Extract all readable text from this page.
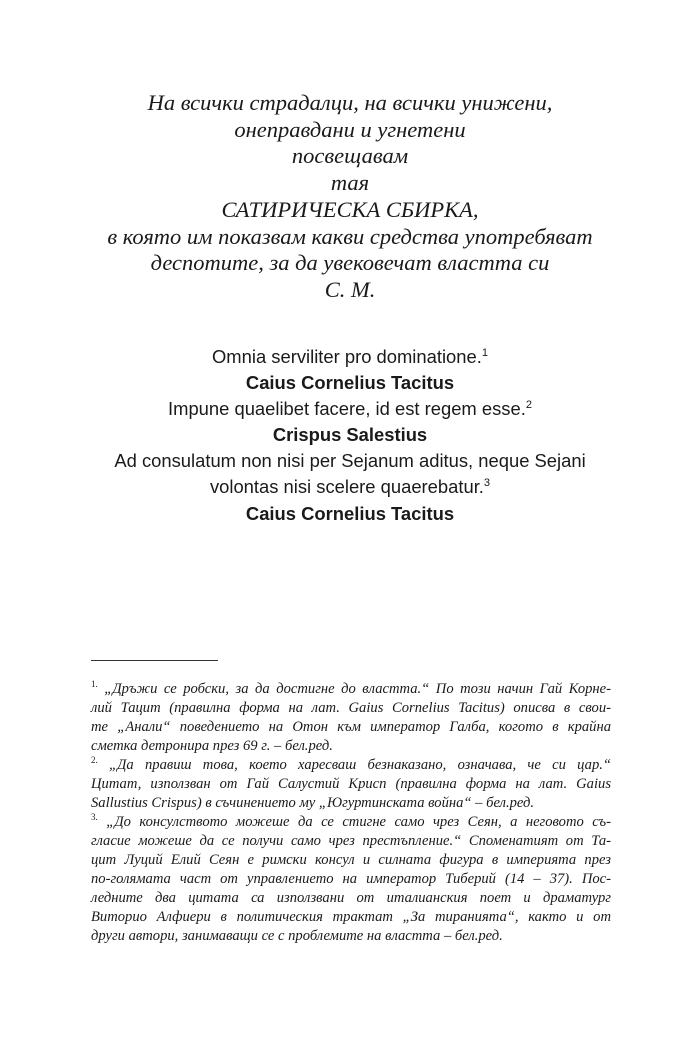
На всички страдалци, на всички унижени,
онеправдани и угнетени
посвещавам
тая
САТИРИЧЕСКА СБИРКА,
в която им показвам какви средства употребяват
деспотите, за да увековечат властта си
С. М.
Omnia serviliter pro dominatione.$^1$
Caius Cornelius Tacitus
Impune quaelibet facere, id est regem esse.$^2$
Crispus Salestius
Ad consulatum non nisi per Sejanum aditus, neque Sejani
volontas nisi scelere quaerebatur.$^3$
Caius Cornelius Tacitus
$^{1.}$ „Дръжи се робски, за да достигне до властта.“ По този начин Гай Корне-
лий Тацит (правилна форма на лат. Gaius Cornelius Tacitus) описва в свои-
те „Анали“ поведението на Отон към император Галба, когото в крайна
сметка детронира през 69 г. – бел.ред.
$^{2.}$ „Да правиш това, което харесваш безнаказано, означава, че си цар.“
Цитат, използван от Гай Салустий Крисп (правилна форма на лат. Gaius
Sallustius Crispus) в съчинението му „Югуртинската война“ – бел.ред.
$^{3.}$ „До консулството можеше да се стигне само чрез Сеян, а неговото съ-
гласие можеше да се получи само чрез престъпление.“ Споменатият от Та-
цит Луций Елий Сеян е римски консул и силната фигура в империята през
по-голямата част от управлението на император Тиберий (14 – 37). Пос-
ледните два цитата са използвани от италианския поет и драматург
Виторио Алфиери в политическия трактат „За тиранията“, както и от
други автори, занимаващи се с проблемите на властта – бел.ред.
